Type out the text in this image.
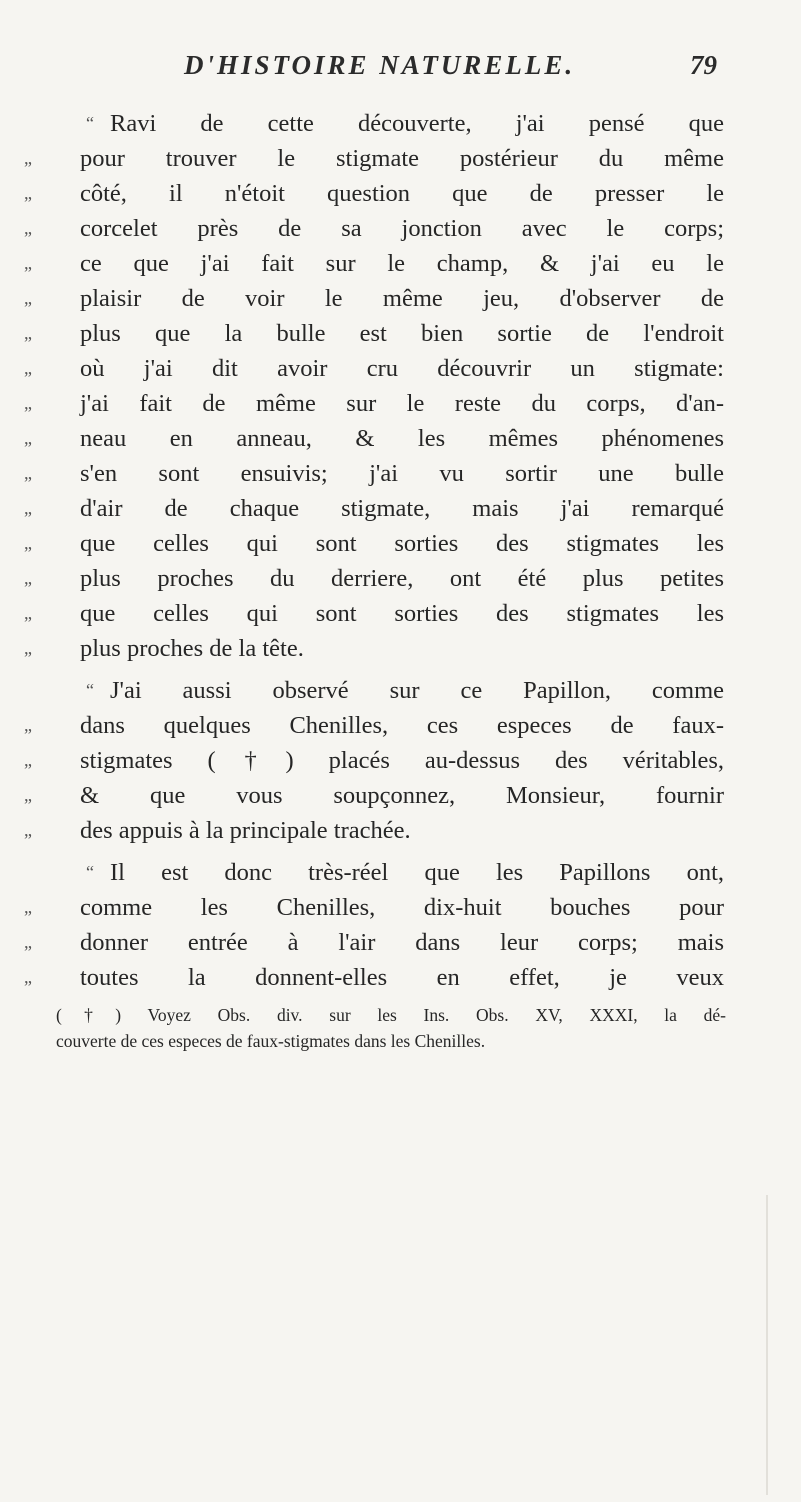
D'HISTOIRE NATURELLE.	79
“ Ravi de cette découverte, j'ai pensé que
„	pour trouver le stigmate postérieur du même
„	côté, il n'étoit question que de presser le
„	corcelet près de sa jonction avec le corps;
„	ce que j'ai fait sur le champ, & j'ai eu le
„	plaisir de voir le même jeu, d'observer de
„	plus que la bulle est bien sortie de l'endroit
„	où j'ai dit avoir cru découvrir un stigmate:
„	j'ai fait de même sur le reste du corps, d'an-
„	neau en anneau, & les mêmes phénomenes
„	s'en sont ensuivis; j'ai vu sortir une bulle
„	d'air de chaque stigmate, mais j'ai remarqué
„	que celles qui sont sorties des stigmates les
„	plus proches du derriere, ont été plus petites
„	que celles qui sont sorties des stigmates les
„	plus proches de la tête.
“ J'ai aussi observé sur ce Papillon, comme
„	dans quelques Chenilles, ces especes de faux-
„	stigmates (†) placés au-dessus des véritables,
„	& que vous soupçonnez, Monsieur, fournir
„	des appuis à la principale trachée.
“ Il est donc très-réel que les Papillons ont,
„	comme les Chenilles, dix-huit bouches pour
„	donner entrée à l'air dans leur corps; mais
„	toutes la donnent-elles en effet, je veux
(†) Voyez Obs. div. sur les Ins. Obs. XV, XXXI, la dé-
couverte de ces especes de faux-stigmates dans les Chenilles.
